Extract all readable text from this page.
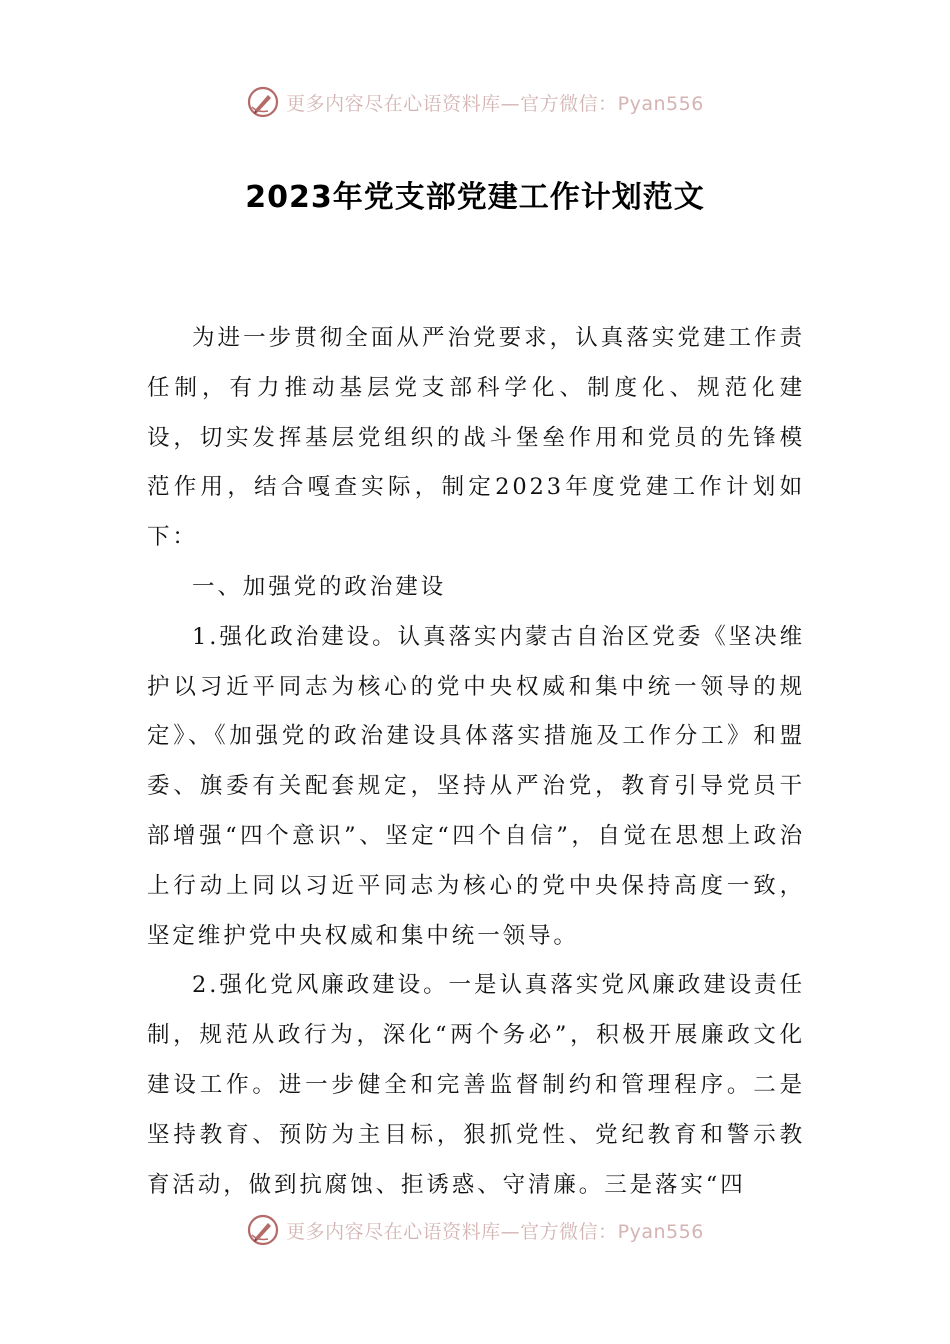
更多内容尽在心语资料库—官方微信：Pyan556
2023年党支部党建工作计划范文

为进一步贯彻全面从严治党要求，认真落实党建工作责任制，有力推动基层党支部科学化、制度化、规范化建设，切实发挥基层党组织的战斗堡垒作用和党员的先锋模范作用，结合嘎查实际，制定2023年度党建工作计划如下：

一、加强党的政治建设

1.强化政治建设。认真落实内蒙古自治区党委《坚决维护以习近平同志为核心的党中央权威和集中统一领导的规定》、《加强党的政治建设具体落实措施及工作分工》和盟委、旗委有关配套规定，坚持从严治党，教育引导党员干部增强“四个意识”、坚定“四个自信”，自觉在思想上政治上行动上同以习近平同志为核心的党中央保持高度一致，坚定维护党中央权威和集中统一领导。

2.强化党风廉政建设。一是认真落实党风廉政建设责任制，规范从政行为，深化“两个务必”，积极开展廉政文化建设工作。进一步健全和完善监督制约和管理程序。二是坚持教育、预防为主目标，狠抓党性、党纪教育和警示教育活动，做到抗腐蚀、拒诱惑、守清廉。三是落实“四

更多内容尽在心语资料库—官方微信：Pyan556
